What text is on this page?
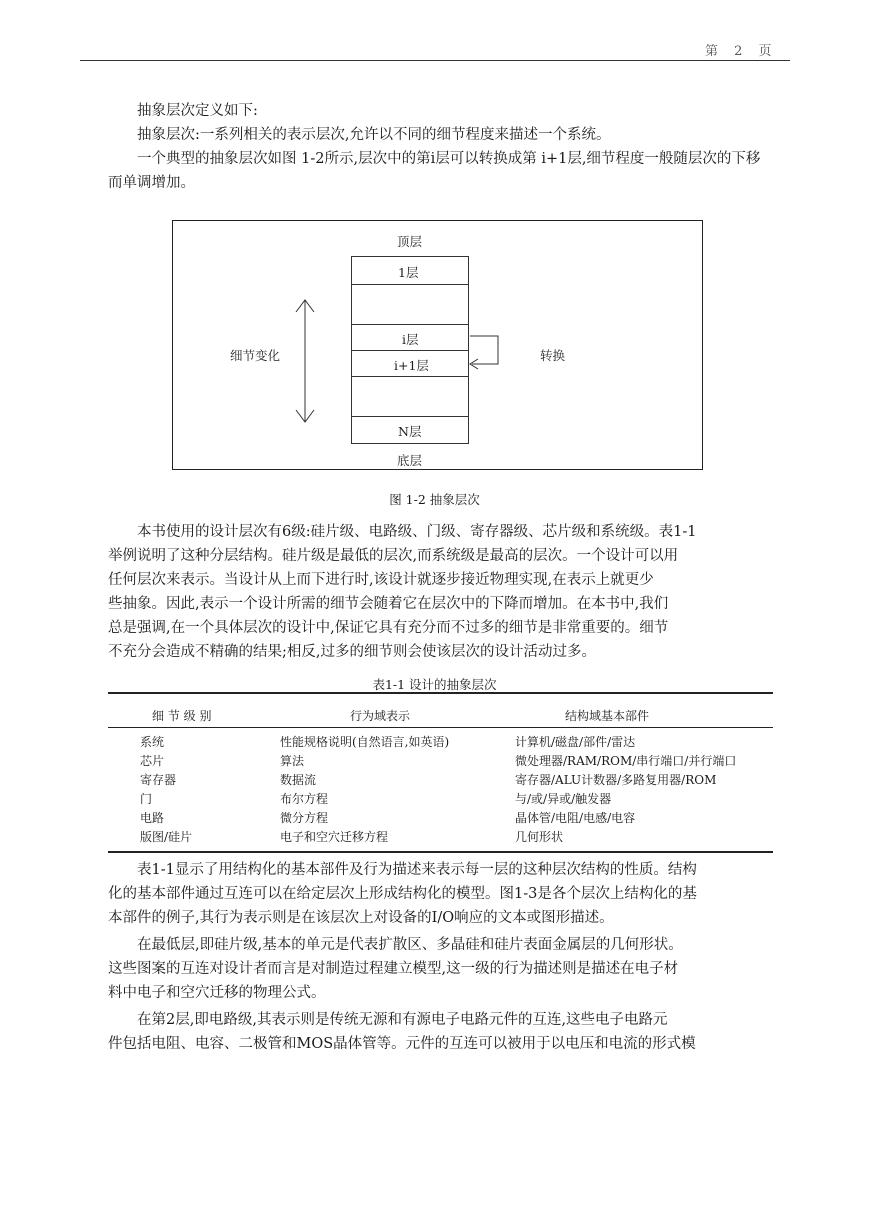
第 2 页
抽象层次定义如下:
抽象层次:一系列相关的表示层次,允许以不同的细节程度来描述一个系统。

一个典型的抽象层次如图 1-2所示,层次中的第i层可以转换成第 i+1层,细节程度一般随层次的下移而单调增加。

顶层
1层
i层
i+1层
N层
底层
细节变化	转换
图 1-2 抽象层次
本书使用的设计层次有6级:硅片级、电路级、门级、寄存器级、芯片级和系统级。表1-1
举例说明了这种分层结构。硅片级是最低的层次,而系统级是最高的层次。一个设计可以用
任何层次来表示。当设计从上而下进行时,该设计就逐步接近物理实现,在表示上就更少
些抽象。因此,表示一个设计所需的细节会随着它在层次中的下降而增加。在本书中,我们
总是强调,在一个具体层次的设计中,保证它具有充分而不过多的细节是非常重要的。细节
不充分会造成不精确的结果;相反,过多的细节则会使该层次的设计活动过多。
表1-1 设计的抽象层次
细 节 级 别	行为域表示	结构域基本部件
系统	性能规格说明(自然语言,如英语)	计算机/磁盘/部件/雷达
芯片	算法	微处理器/RAM/ROM/串行端口/并行端口
寄存器	数据流	寄存器/ALU计数器/多路复用器/ROM
门	布尔方程	与/或/异或/触发器
电路	微分方程	晶体管/电阻/电感/电容
版图/硅片	电子和空穴迁移方程	几何形状
表1-1显示了用结构化的基本部件及行为描述来表示每一层的这种层次结构的性质。结构
化的基本部件通过互连可以在给定层次上形成结构化的模型。图1-3是各个层次上结构化的基
本部件的例子,其行为表示则是在该层次上对设备的I/O响应的文本或图形描述。
在最低层,即硅片级,基本的单元是代表扩散区、多晶硅和硅片表面金属层的几何形状。
这些图案的互连对设计者而言是对制造过程建立模型,这一级的行为描述则是描述在电子材
料中电子和空穴迁移的物理公式。
在第2层,即电路级,其表示则是传统无源和有源电子电路元件的互连,这些电子电路元
件包括电阻、电容、二极管和MOS晶体管等。元件的互连可以被用于以电压和电流的形式模
